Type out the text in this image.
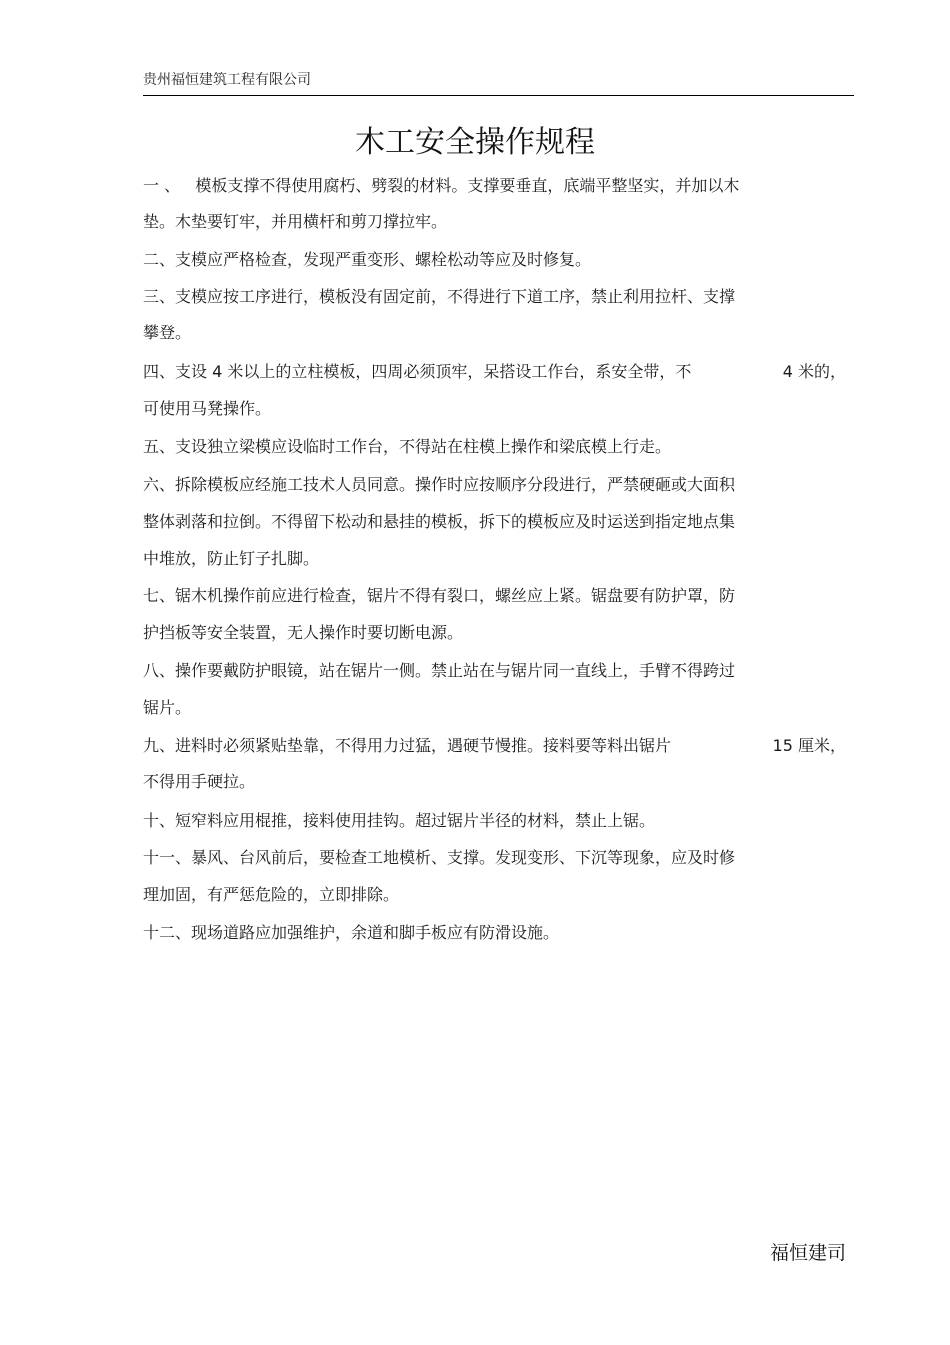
贵州福恒建筑工程有限公司
木工安全操作规程
一 、   模板支撑不得使用腐朽、劈裂的材料。支撑要垂直，底端平整坚实，并加以木
垫。木垫要钉牢，并用横杆和剪刀撑拉牢。
二、支模应严格检查，发现严重变形、螺栓松动等应及时修复。
三、支模应按工序进行，模板没有固定前，不得进行下道工序，禁止利用拉杆、支撑
攀登。
四、支设 4 米以上的立柱模板，四周必须顶牢，呆搭设工作台，系安全带，不	4 米的，
可使用马凳操作。
五、支设独立梁模应设临时工作台，不得站在柱模上操作和梁底模上行走。
六、拆除模板应经施工技术人员同意。操作时应按顺序分段进行，严禁硬砸或大面积
整体剥落和拉倒。不得留下松动和悬挂的模板，拆下的模板应及时运送到指定地点集
中堆放，防止钉子扎脚。
七、锯木机操作前应进行检查，锯片不得有裂口，螺丝应上紧。锯盘要有防护罩，防
护挡板等安全装置，无人操作时要切断电源。
八、操作要戴防护眼镜，站在锯片一侧。禁止站在与锯片同一直线上，手臂不得跨过
锯片。
九、进料时必须紧贴垫靠，不得用力过猛，遇硬节慢推。接料要等料出锯片	15 厘米，
不得用手硬拉。
十、短窄料应用棍推，接料使用挂钩。超过锯片半径的材料，禁止上锯。
十一、暴风、台风前后，要检查工地模析、支撑。发现变形、下沉等现象，应及时修
理加固，有严惩危险的，立即排除。
十二、现场道路应加强维护，余道和脚手板应有防滑设施。
福恒建司
